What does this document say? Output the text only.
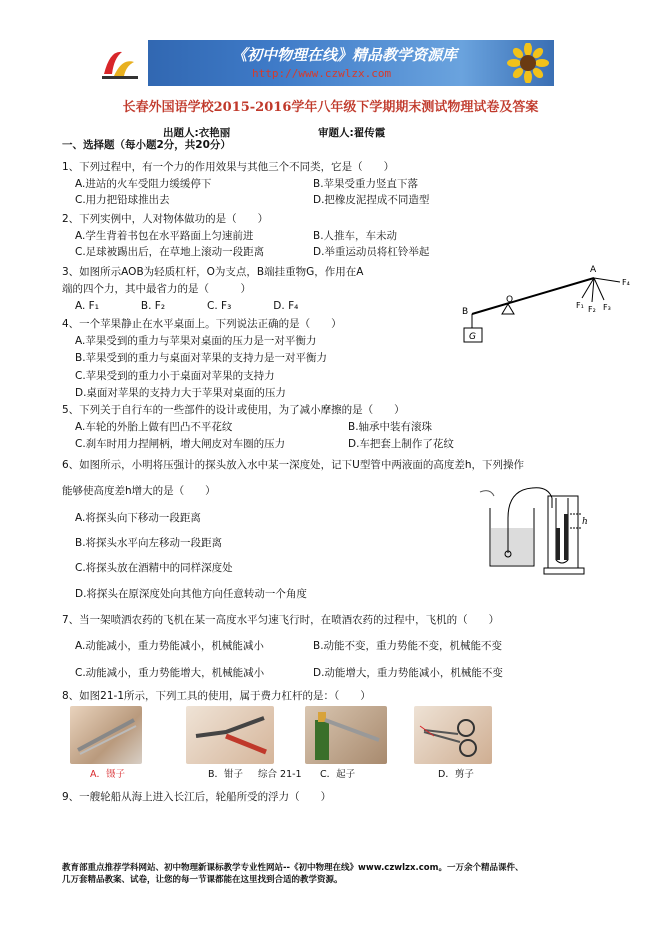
《初中物理在线》精品教学资源库
http://www.czwlzx.com
长春外国语学校2015-2016学年八年级下学期期末测试物理试卷及答案
出题人:衣艳丽	审题人:翟传霞
一、选择题（每小题2分，共20分）
1、下列过程中，有一个力的作用效果与其他三个不同类，它是（　　）
A.进站的火车受阻力缓缓停下	B.苹果受重力竖直下落
C.用力把铅球推出去	D.把橡皮泥捏成不同造型
2、下列实例中，人对物体做功的是（　　）
A.学生背着书包在水平路面上匀速前进	B.人推车，车未动
C.足球被踢出后，在草地上滚动一段距离	D.举重运动员将杠铃举起
3、如图所示AOB为轻质杠杆，O为支点，B端挂重物G，作用在A
端的四个力，其中最省力的是（　　　）
A. F₁　　　　B. F₂　　　　C. F₃　　　　D. F₄
A
O
B
G
F₄
F₁ F₂ F₃
4、一个苹果静止在水平桌面上。下列说法正确的是（　　）
A.苹果受到的重力与苹果对桌面的压力是一对平衡力
B.苹果受到的重力与桌面对苹果的支持力是一对平衡力
C.苹果受到的重力小于桌面对苹果的支持力
D.桌面对苹果的支持力大于苹果对桌面的压力
5、下列关于自行车的一些部件的设计或使用，为了减小摩擦的是（　　）
A.车轮的外胎上做有凹凸不平花纹	B.轴承中装有滚珠
C.刹车时用力捏闸柄，增大闸皮对车圈的压力	D.车把套上制作了花纹
6、如图所示，小明将压强计的探头放入水中某一深度处，记下U型管中两液面的高度差h，下列操作
能够使高度差h增大的是（　　）
A.将探头向下移动一段距离
B.将探头水平向左移动一段距离
C.将探头放在酒精中的同样深度处
D.将探头在原深度处向其他方向任意转动一个角度
h
7、当一架喷洒农药的飞机在某一高度水平匀速飞行时，在喷酒农药的过程中，飞机的（　　）
A.动能减小，重力势能减小，机械能减小	B.动能不变，重力势能不变，机械能不变
C.动能减小，重力势能增大，机械能减小	D.动能增大，重力势能减小，机械能不变
8、如图21-1所示，下列工具的使用，属于费力杠杆的是：（　　）
A．镊子	B．钳子 综合 21-1 C．起子	D．剪子
9、一艘轮船从海上进入长江后，轮船所受的浮力（　　）
教育部重点推荐学科网站、初中物理新课标教学专业性网站--《初中物理在线》www.czwlzx.com。一万余个精品课件、
几万套精品教案、试卷，让您的每一节课都能在这里找到合适的教学资源。
